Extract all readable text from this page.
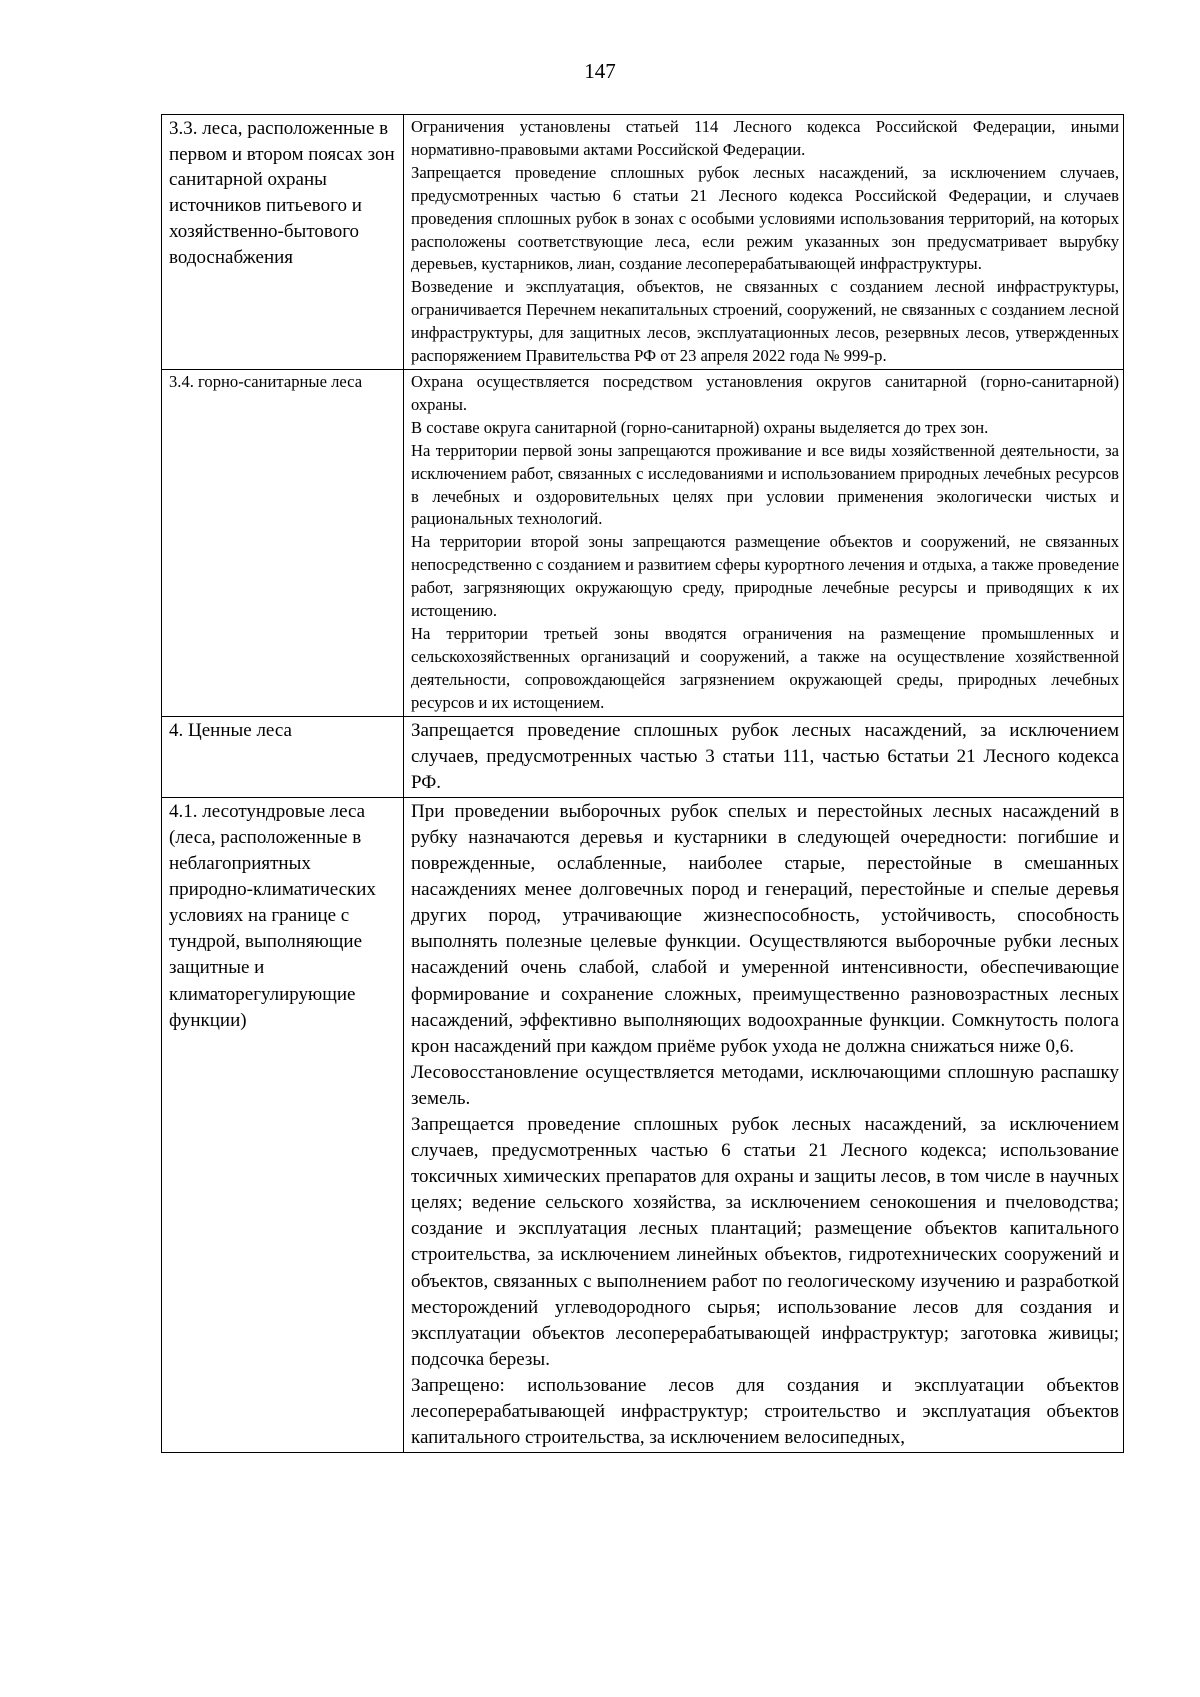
147

3.3. леса, расположенные в первом и втором поясах зон санитарной охраны источников питьевого и хозяйственно-бытового водоснабжения	Ограничения установлены статьей 114 Лесного кодекса Российской Федерации, иными нормативно-правовыми актами Российской Федерации.

Запрещается проведение сплошных рубок лесных насаждений, за исключением случаев, предусмотренных частью 6 статьи 21 Лесного кодекса Российской Федерации, и случаев проведения сплошных рубок в зонах с особыми условиями использования территорий, на которых расположены соответствующие леса, если режим указанных зон предусматривает вырубку деревьев, кустарников, лиан, создание лесоперерабатывающей инфраструктуры.

Возведение и эксплуатация, объектов, не связанных с созданием лесной инфраструктуры, ограничивается Перечнем некапитальных строений, сооружений, не связанных с созданием лесной инфраструктуры, для защитных лесов, эксплуатационных лесов, резервных лесов, утвержденных распоряжением Правительства РФ от 23 апреля 2022 года № 999-р.

3.4. горно-санитарные леса	Охрана осуществляется посредством установления округов санитарной (горно-санитарной) охраны.

В составе округа санитарной (горно-санитарной) охраны выделяется до трех зон.

На территории первой зоны запрещаются проживание и все виды хозяйственной деятельности, за исключением работ, связанных с исследованиями и использованием природных лечебных ресурсов в лечебных и оздоровительных целях при условии применения экологически чистых и рациональных технологий.

На территории второй зоны запрещаются размещение объектов и сооружений, не связанных непосредственно с созданием и развитием сферы курортного лечения и отдыха, а также проведение работ, загрязняющих окружающую среду, природные лечебные ресурсы и приводящих к их истощению.

На территории третьей зоны вводятся ограничения на размещение промышленных и сельскохозяйственных организаций и сооружений, а также на осуществление хозяйственной деятельности, сопровождающейся загрязнением окружающей среды, природных лечебных ресурсов и их истощением.

4. Ценные леса	Запрещается проведение сплошных рубок лесных насаждений, за исключением случаев, предусмотренных частью 3 статьи 111, частью 6статьи 21 Лесного кодекса РФ.

4.1. лесотундровые леса (леса, расположенные в неблагоприятных природно-климатических условиях на границе с тундрой, выполняющие защитные и климаторегулирующие функции)	При проведении выборочных рубок спелых и перестойных лесных насаждений в рубку назначаются деревья и кустарники в следующей очередности: погибшие и поврежденные, ослабленные, наиболее старые, перестойные в смешанных насаждениях менее долговечных пород и генераций, перестойные и спелые деревья других пород, утрачивающие жизнеспособность, устойчивость, способность выполнять полезные целевые функции. Осуществляются выборочные рубки лесных насаждений очень слабой, слабой и умеренной интенсивности, обеспечивающие формирование и сохранение сложных, преимущественно разновозрастных лесных насаждений, эффективно выполняющих водоохранные функции. Сомкнутость полога крон насаждений при каждом приёме рубок ухода не должна снижаться ниже 0,6.

Лесовосстановление осуществляется методами, исключающими сплошную распашку земель.

Запрещается проведение сплошных рубок лесных насаждений, за исключением случаев, предусмотренных частью 6 статьи 21 Лесного кодекса; использование токсичных химических препаратов для охраны и защиты лесов, в том числе в научных целях; ведение сельского хозяйства, за исключением сенокошения и пчеловодства; создание и эксплуатация лесных плантаций; размещение объектов капитального строительства, за исключением линейных объектов, гидротехнических сооружений и объектов, связанных с выполнением работ по геологическому изучению и разработкой месторождений углеводородного сырья; использование лесов для создания и эксплуатации объектов лесоперерабатывающей инфраструктур; заготовка живицы; подсочка березы.

Запрещено: использование лесов для создания и эксплуатации объектов лесоперерабатывающей инфраструктур; строительство и эксплуатация объектов капитального строительства, за исключением велосипедных,
